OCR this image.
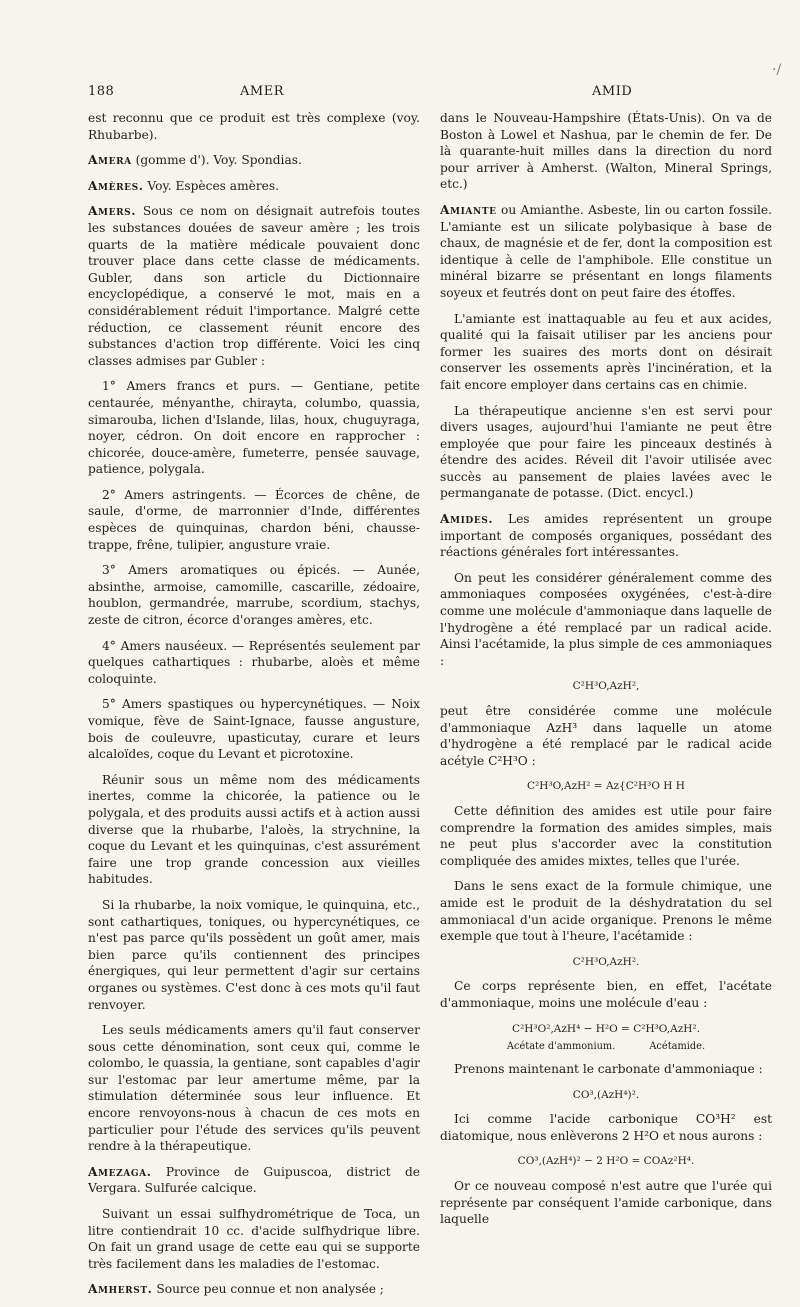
·/
188	AMER	AMID

est reconnu que ce produit est très complexe (voy. Rhubarbe).

Amera (gomme d'). Voy. Spondias.

Amères. Voy. Espèces amères.

Amers. Sous ce nom on désignait autrefois toutes les substances douées de saveur amère ; les trois quarts de la matière médicale pouvaient donc trouver place dans cette classe de médicaments. Gubler, dans son article du Dictionnaire encyclopédique, a conservé le mot, mais en a considérablement réduit l'importance. Malgré cette réduction, ce classement réunit encore des substances d'action trop différente. Voici les cinq classes admises par Gubler :

1° Amers francs et purs. — Gentiane, petite centaurée, ményanthe, chirayta, columbo, quassia, simarouba, lichen d'Islande, lilas, houx, chuguyraga, noyer, cédron. On doit encore en rapprocher : chicorée, douce-amère, fumeterre, pensée sauvage, patience, polygala.

2° Amers astringents. — Écorces de chêne, de saule, d'orme, de marronnier d'Inde, différentes espèces de quinquinas, chardon béni, chausse-trappe, frêne, tulipier, angusture vraie.

3° Amers aromatiques ou épicés. — Aunée, absinthe, armoise, camomille, cascarille, zédoaire, houblon, germandrée, marrube, scordium, stachys, zeste de citron, écorce d'oranges amères, etc.

4° Amers nauséeux. — Représentés seulement par quelques cathartiques : rhubarbe, aloès et même coloquinte.

5° Amers spastiques ou hypercynétiques. — Noix vomique, fève de Saint-Ignace, fausse angusture, bois de couleuvre, upasticutay, curare et leurs alcaloïdes, coque du Levant et picrotoxine.

Réunir sous un même nom des médicaments inertes, comme la chicorée, la patience ou le polygala, et des produits aussi actifs et à action aussi diverse que la rhubarbe, l'aloès, la strychnine, la coque du Levant et les quinquinas, c'est assurément faire une trop grande concession aux vieilles habitudes.

Si la rhubarbe, la noix vomique, le quinquina, etc., sont cathartiques, toniques, ou hypercynétiques, ce n'est pas parce qu'ils possèdent un goût amer, mais bien parce qu'ils contiennent des principes énergiques, qui leur permettent d'agir sur certains organes ou systèmes. C'est donc à ces mots qu'il faut renvoyer.

Les seuls médicaments amers qu'il faut conserver sous cette dénomination, sont ceux qui, comme le colombo, le quassia, la gentiane, sont capables d'agir sur l'estomac par leur amertume même, par la stimulation déterminée sous leur influence. Et encore renvoyons-nous à chacun de ces mots en particulier pour l'étude des services qu'ils peuvent rendre à la thérapeutique.

Amezaga. Province de Guipuscoa, district de Vergara. Sulfurée calcique.

Suivant un essai sulfhydrométrique de Toca, un litre contiendrait 10 cc. d'acide sulfhydrique libre. On fait un grand usage de cette eau qui se supporte très facilement dans les maladies de l'estomac.

Amherst. Source peu connue et non analysée ;

dans le Nouveau-Hampshire (États-Unis). On va de Boston à Lowel et Nashua, par le chemin de fer. De là quarante-huit milles dans la direction du nord pour arriver à Amherst. (Walton, Mineral Springs, etc.)

Amiante ou Amianthe. Asbeste, lin ou carton fossile. L'amiante est un silicate polybasique à base de chaux, de magnésie et de fer, dont la composition est identique à celle de l'amphibole. Elle constitue un minéral bizarre se présentant en longs filaments soyeux et feutrés dont on peut faire des étoffes.

L'amiante est inattaquable au feu et aux acides, qualité qui la faisait utiliser par les anciens pour former les suaires des morts dont on désirait conserver les ossements après l'incinération, et la fait encore employer dans certains cas en chimie.

La thérapeutique ancienne s'en est servi pour divers usages, aujourd'hui l'amiante ne peut être employée que pour faire les pinceaux destinés à étendre des acides. Réveil dit l'avoir utilisée avec succès au pansement de plaies lavées avec le permanganate de potasse. (Dict. encycl.)

Amides. Les amides représentent un groupe important de composés organiques, possédant des réactions générales fort intéressantes.

On peut les considérer généralement comme des ammoniaques composées oxygénées, c'est-à-dire comme une molécule d'ammoniaque dans laquelle de l'hydrogène a été remplacé par un radical acide. Ainsi l'acétamide, la plus simple de ces ammoniaques :

C²H³O,AzH²,

peut être considérée comme une molécule d'ammoniaque AzH³ dans laquelle un atome d'hydrogène a été remplacé par le radical acide acétyle C²H³O :

C²H³O,AzH² = Az{C²H³O H H

Cette définition des amides est utile pour faire comprendre la formation des amides simples, mais ne peut plus s'accorder avec la constitution compliquée des amides mixtes, telles que l'urée.

Dans le sens exact de la formule chimique, une amide est le produit de la déshydratation du sel ammoniacal d'un acide organique. Prenons le même exemple que tout à l'heure, l'acétamide :

C²H³O,AzH².

Ce corps représente bien, en effet, l'acétate d'ammoniaque, moins une molécule d'eau :

C²H³O²,AzH⁴ − H²O = C²H³O,AzH².
Acétate d'ammonium.	Acétamide.

Prenons maintenant le carbonate d'ammoniaque :

CO³,(AzH⁴)².

Ici comme l'acide carbonique CO³H² est diatomique, nous enlèverons 2 H²O et nous aurons :

CO³,(AzH⁴)² − 2 H²O = COAz²H⁴.

Or ce nouveau composé n'est autre que l'urée qui représente par conséquent l'amide carbonique, dans laquelle
